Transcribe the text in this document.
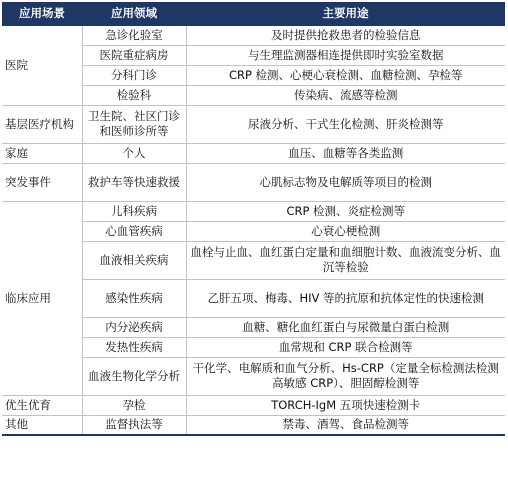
应用场景	应用领域	主要用途
医院	急诊化验室	及时提供抢救患者的检验信息
	医院重症病房	与生理监测器相连提供即时实验室数据
	分科门诊	CRP 检测、心梗心衰检测、血糖检测、孕检等
	检验科	传染病、流感等检测
基层医疗机构	卫生院、社区门诊和医师诊所等	尿液分析、干式生化检测、肝炎检测等
家庭	个人	血压、血糖等各类监测
突发事件	救护车等快速救援	心肌标志物及电解质等项目的检测
临床应用	儿科疾病	CRP 检测、炎症检测等
	心血管疾病	心衰心梗检测
	血液相关疾病	血栓与止血、血红蛋白定量和血细胞计数、血液流变分析、血沉等检验
	感染性疾病	乙肝五项、梅毒、HIV 等的抗原和抗体定性的快速检测
	内分泌疾病	血糖、糖化血红蛋白与尿微量白蛋白检测
	发热性疾病	血常规和 CRP 联合检测等
	血液生物化学分析	干化学、电解质和血气分析、Hs-CRP（定量全标检测法检测高敏感 CRP）、胆固醇检测等
优生优育	孕检	TORCH-IgM 五项快速检测卡
其他	监督执法等	禁毒、酒驾、食品检测等
